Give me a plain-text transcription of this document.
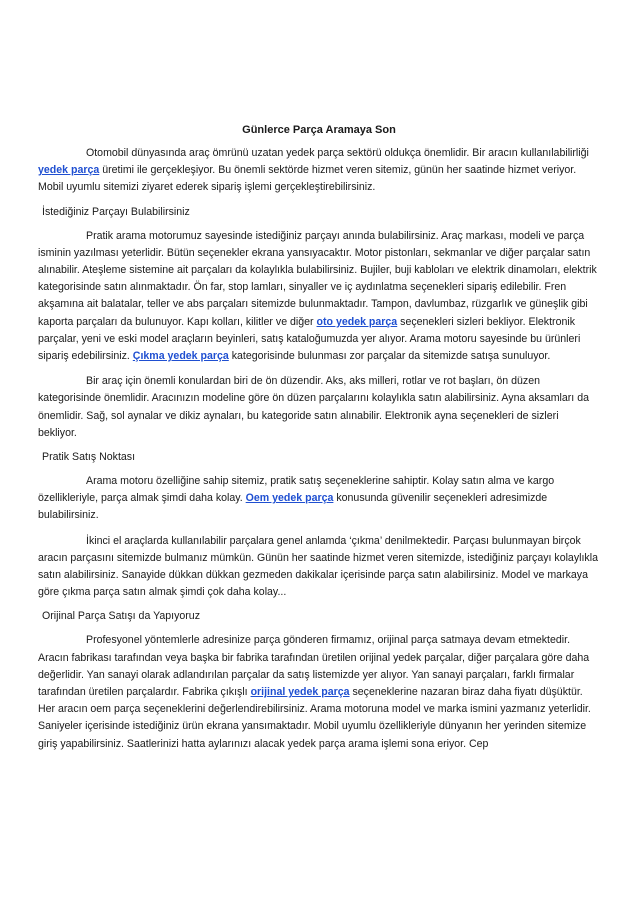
Günlerce Parça Aramaya Son

Otomobil dünyasında araç ömrünü uzatan yedek parça sektörü oldukça önemlidir. Bir aracın kullanılabilirliği yedek parça üretimi ile gerçekleşiyor. Bu önemli sektörde hizmet veren sitemiz, günün her saatinde hizmet veriyor. Mobil uyumlu sitemizi ziyaret ederek sipariş işlemi gerçekleştirebilirsiniz.

İstediğiniz Parçayı Bulabilirsiniz

Pratik arama motorumuz sayesinde istediğiniz parçayı anında bulabilirsiniz. Araç markası, modeli ve parça isminin yazılması yeterlidir. Bütün seçenekler ekrana yansıyacaktır. Motor pistonları, sekmanlar ve diğer parçalar satın alınabilir. Ateşleme sistemine ait parçaları da kolaylıkla bulabilirsiniz. Bujiler, buji kabloları ve elektrik dinamoları, elektrik kategorisinde satın alınmaktadır. Ön far, stop lamları, sinyaller ve iç aydınlatma seçenekleri sipariş edilebilir. Fren akşamına ait balatalar, teller ve abs parçaları sitemizde bulunmaktadır. Tampon, davlumbaz, rüzgarlık ve güneşlik gibi kaporta parçaları da bulunuyor. Kapı kolları, kilitler ve diğer oto yedek parça seçenekleri sizleri bekliyor. Elektronik parçalar, yeni ve eski model araçların beyinleri, satış kataloğumuzda yer alıyor. Arama motoru sayesinde bu ürünleri sipariş edebilirsiniz. Çıkma yedek parça kategorisinde bulunması zor parçalar da sitemizde satışa sunuluyor.

Bir araç için önemli konulardan biri de ön düzendir. Aks, aks milleri, rotlar ve rot başları, ön düzen kategorisinde önemlidir. Aracınızın modeline göre ön düzen parçalarını kolaylıkla satın alabilirsiniz. Ayna aksamları da önemlidir. Sağ, sol aynalar ve dikiz aynaları, bu kategoride satın alınabilir. Elektronik ayna seçenekleri de sizleri bekliyor.

Pratik Satış Noktası

Arama motoru özelliğine sahip sitemiz, pratik satış seçeneklerine sahiptir. Kolay satın alma ve kargo özellikleriyle, parça almak şimdi daha kolay. Oem yedek parça konusunda güvenilir seçenekleri adresimizde bulabilirsiniz.

İkinci el araçlarda kullanılabilir parçalara genel anlamda ‘çıkma’ denilmektedir. Parçası bulunmayan birçok aracın parçasını sitemizde bulmanız mümkün. Günün her saatinde hizmet veren sitemizde, istediğiniz parçayı kolaylıkla satın alabilirsiniz. Sanayide dükkan dükkan gezmeden dakikalar içerisinde parça satın alabilirsiniz. Model ve markaya göre çıkma parça satın almak şimdi çok daha kolay...

Orijinal Parça Satışı da Yapıyoruz

Profesyonel yöntemlerle adresinize parça gönderen firmamız, orijinal parça satmaya devam etmektedir. Aracın fabrikası tarafından veya başka bir fabrika tarafından üretilen orijinal yedek parçalar, diğer parçalara göre daha değerlidir. Yan sanayi olarak adlandırılan parçalar da satış listemizde yer alıyor. Yan sanayi parçaları, farklı firmalar tarafından üretilen parçalardır. Fabrika çıkışlı orijinal yedek parça seçeneklerine nazaran biraz daha fiyatı düşüktür. Her aracın oem parça seçeneklerini değerlendirebilirsiniz. Arama motoruna model ve marka ismini yazmanız yeterlidir. Saniyeler içerisinde istediğiniz ürün ekrana yansımaktadır. Mobil uyumlu özellikleriyle dünyanın her yerinden sitemize giriş yapabilirsiniz. Saatlerinizi hatta aylarınızı alacak yedek parça arama işlemi sona eriyor. Cep
